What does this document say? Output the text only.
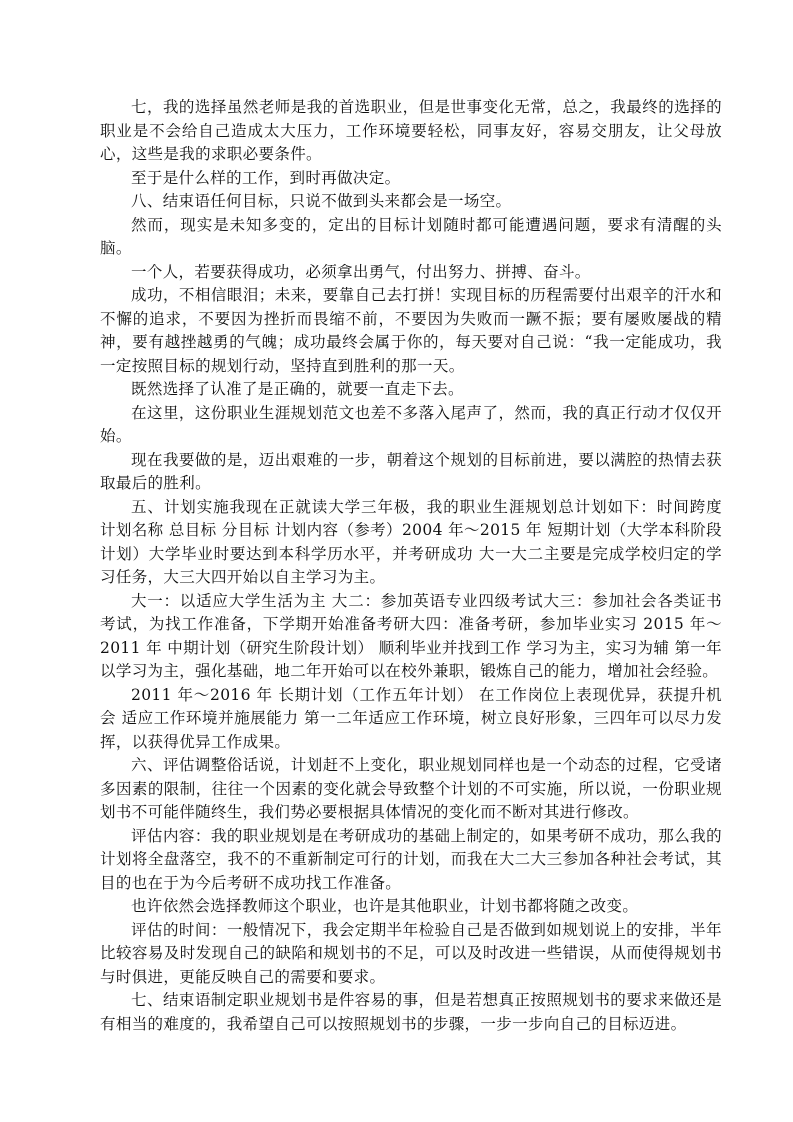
七，我的选择虽然老师是我的首选职业，但是世事变化无常，总之，我最终的选择的职业是不会给自己造成太大压力，工作环境要轻松，同事友好，容易交朋友，让父母放心，这些是我的求职必要条件。

至于是什么样的工作，到时再做决定。

八、结束语任何目标，只说不做到头来都会是一场空。

然而，现实是未知多变的，定出的目标计划随时都可能遭遇问题，要求有清醒的头脑。

一个人，若要获得成功，必须拿出勇气，付出努力、拼搏、奋斗。

成功，不相信眼泪；未来，要靠自己去打拼！实现目标的历程需要付出艰辛的汗水和不懈的追求，不要因为挫折而畏缩不前，不要因为失败而一蹶不振；要有屡败屡战的精神，要有越挫越勇的气魄；成功最终会属于你的，每天要对自己说：“我一定能成功，我一定按照目标的规划行动，坚持直到胜利的那一天。

既然选择了认准了是正确的，就要一直走下去。

在这里，这份职业生涯规划范文也差不多落入尾声了，然而，我的真正行动才仅仅开始。

现在我要做的是，迈出艰难的一步，朝着这个规划的目标前进，要以满腔的热情去获取最后的胜利。

五、计划实施我现在正就读大学三年极，我的职业生涯规划总计划如下：时间跨度 计划名称 总目标 分目标 计划内容（参考）2004 年～2015 年 短期计划（大学本科阶段计划）大学毕业时要达到本科学历水平，并考研成功 大一大二主要是完成学校归定的学习任务，大三大四开始以自主学习为主。

大一：以适应大学生活为主 大二：参加英语专业四级考试大三：参加社会各类证书考试，为找工作准备，下学期开始准备考研大四：准备考研，参加毕业实习 2015 年～2011 年 中期计划（研究生阶段计划） 顺利毕业并找到工作 学习为主，实习为辅 第一年以学习为主，强化基础，地二年开始可以在校外兼职，锻炼自己的能力，增加社会经验。

2011 年～2016 年 长期计划（工作五年计划） 在工作岗位上表现优异，获提升机会 适应工作环境并施展能力 第一二年适应工作环境，树立良好形象，三四年可以尽力发挥，以获得优异工作成果。

六、评估调整俗话说，计划赶不上变化，职业规划同样也是一个动态的过程，它受诸多因素的限制，往往一个因素的变化就会导致整个计划的不可实施，所以说，一份职业规划书不可能伴随终生，我们势必要根据具体情况的变化而不断对其进行修改。

评估内容：我的职业规划是在考研成功的基础上制定的，如果考研不成功，那么我的计划将全盘落空，我不的不重新制定可行的计划，而我在大二大三参加各种社会考试，其目的也在于为今后考研不成功找工作准备。

也许依然会选择教师这个职业，也许是其他职业，计划书都将随之改变。

评估的时间：一般情况下，我会定期半年检验自己是否做到如规划说上的安排，半年比较容易及时发现自己的缺陷和规划书的不足，可以及时改进一些错误，从而使得规划书与时俱进，更能反映自己的需要和要求。

七、结束语制定职业规划书是件容易的事，但是若想真正按照规划书的要求来做还是有相当的难度的，我希望自己可以按照规划书的步骤，一步一步向自己的目标迈进。
